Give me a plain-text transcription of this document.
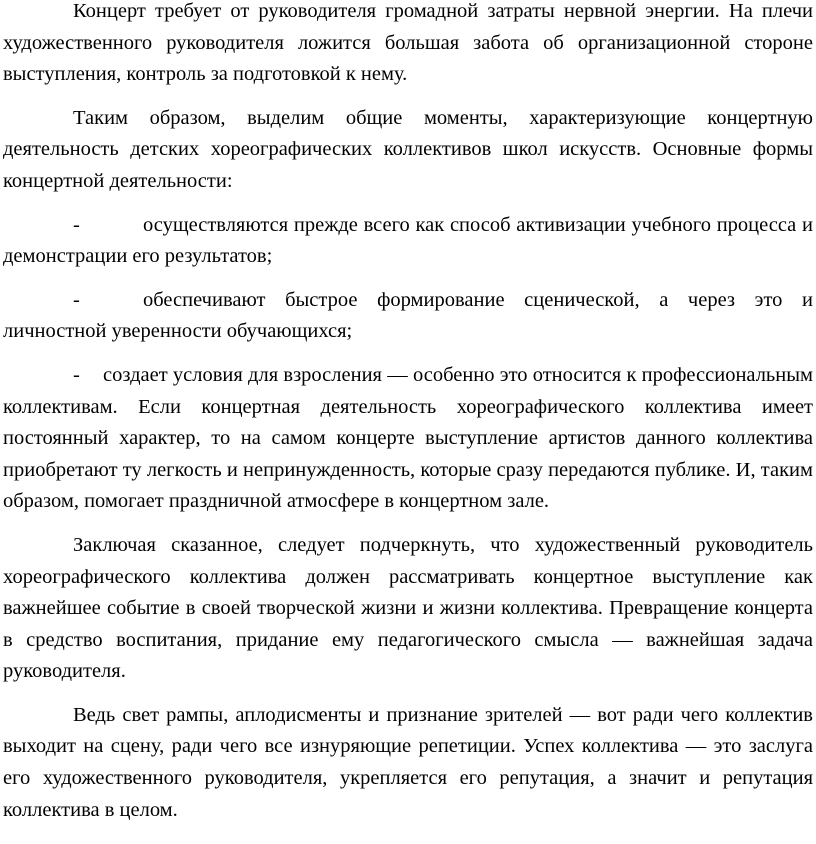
Концерт требует от руководителя громадной затраты нервной энергии. На плечи художественного руководителя ложится большая забота об организационной стороне выступления, контроль за подготовкой к нему.

Таким образом, выделим общие моменты, характеризующие концертную деятельность детских хореографических коллективов школ искусств. Основные формы концертной деятельности:

-	осуществляются прежде всего как способ активизации учебного процесса и демонстрации его результатов;

-	обеспечивают быстрое формирование сценической, а через это и личностной уверенности обучающихся;

- создает условия для взросления — особенно это относится к профессиональным коллективам. Если концертная деятельность хореографического коллектива имеет постоянный характер, то на самом концерте выступление артистов данного коллектива приобретают ту легкость и непринужденность, которые сразу передаются публике. И, таким образом, помогает праздничной атмосфере в концертном зале.

Заключая сказанное, следует подчеркнуть, что художественный руководитель хореографического коллектива должен рассматривать концертное выступление как важнейшее событие в своей творческой жизни и жизни коллектива. Превращение концерта в средство воспитания, придание ему педагогического смысла — важнейшая задача руководителя.

Ведь свет рампы, аплодисменты и признание зрителей — вот ради чего коллектив выходит на сцену, ради чего все изнуряющие репетиции. Успех коллектива — это заслуга его художественного руководителя, укрепляется его репутация, а значит и репутация коллектива в целом.
